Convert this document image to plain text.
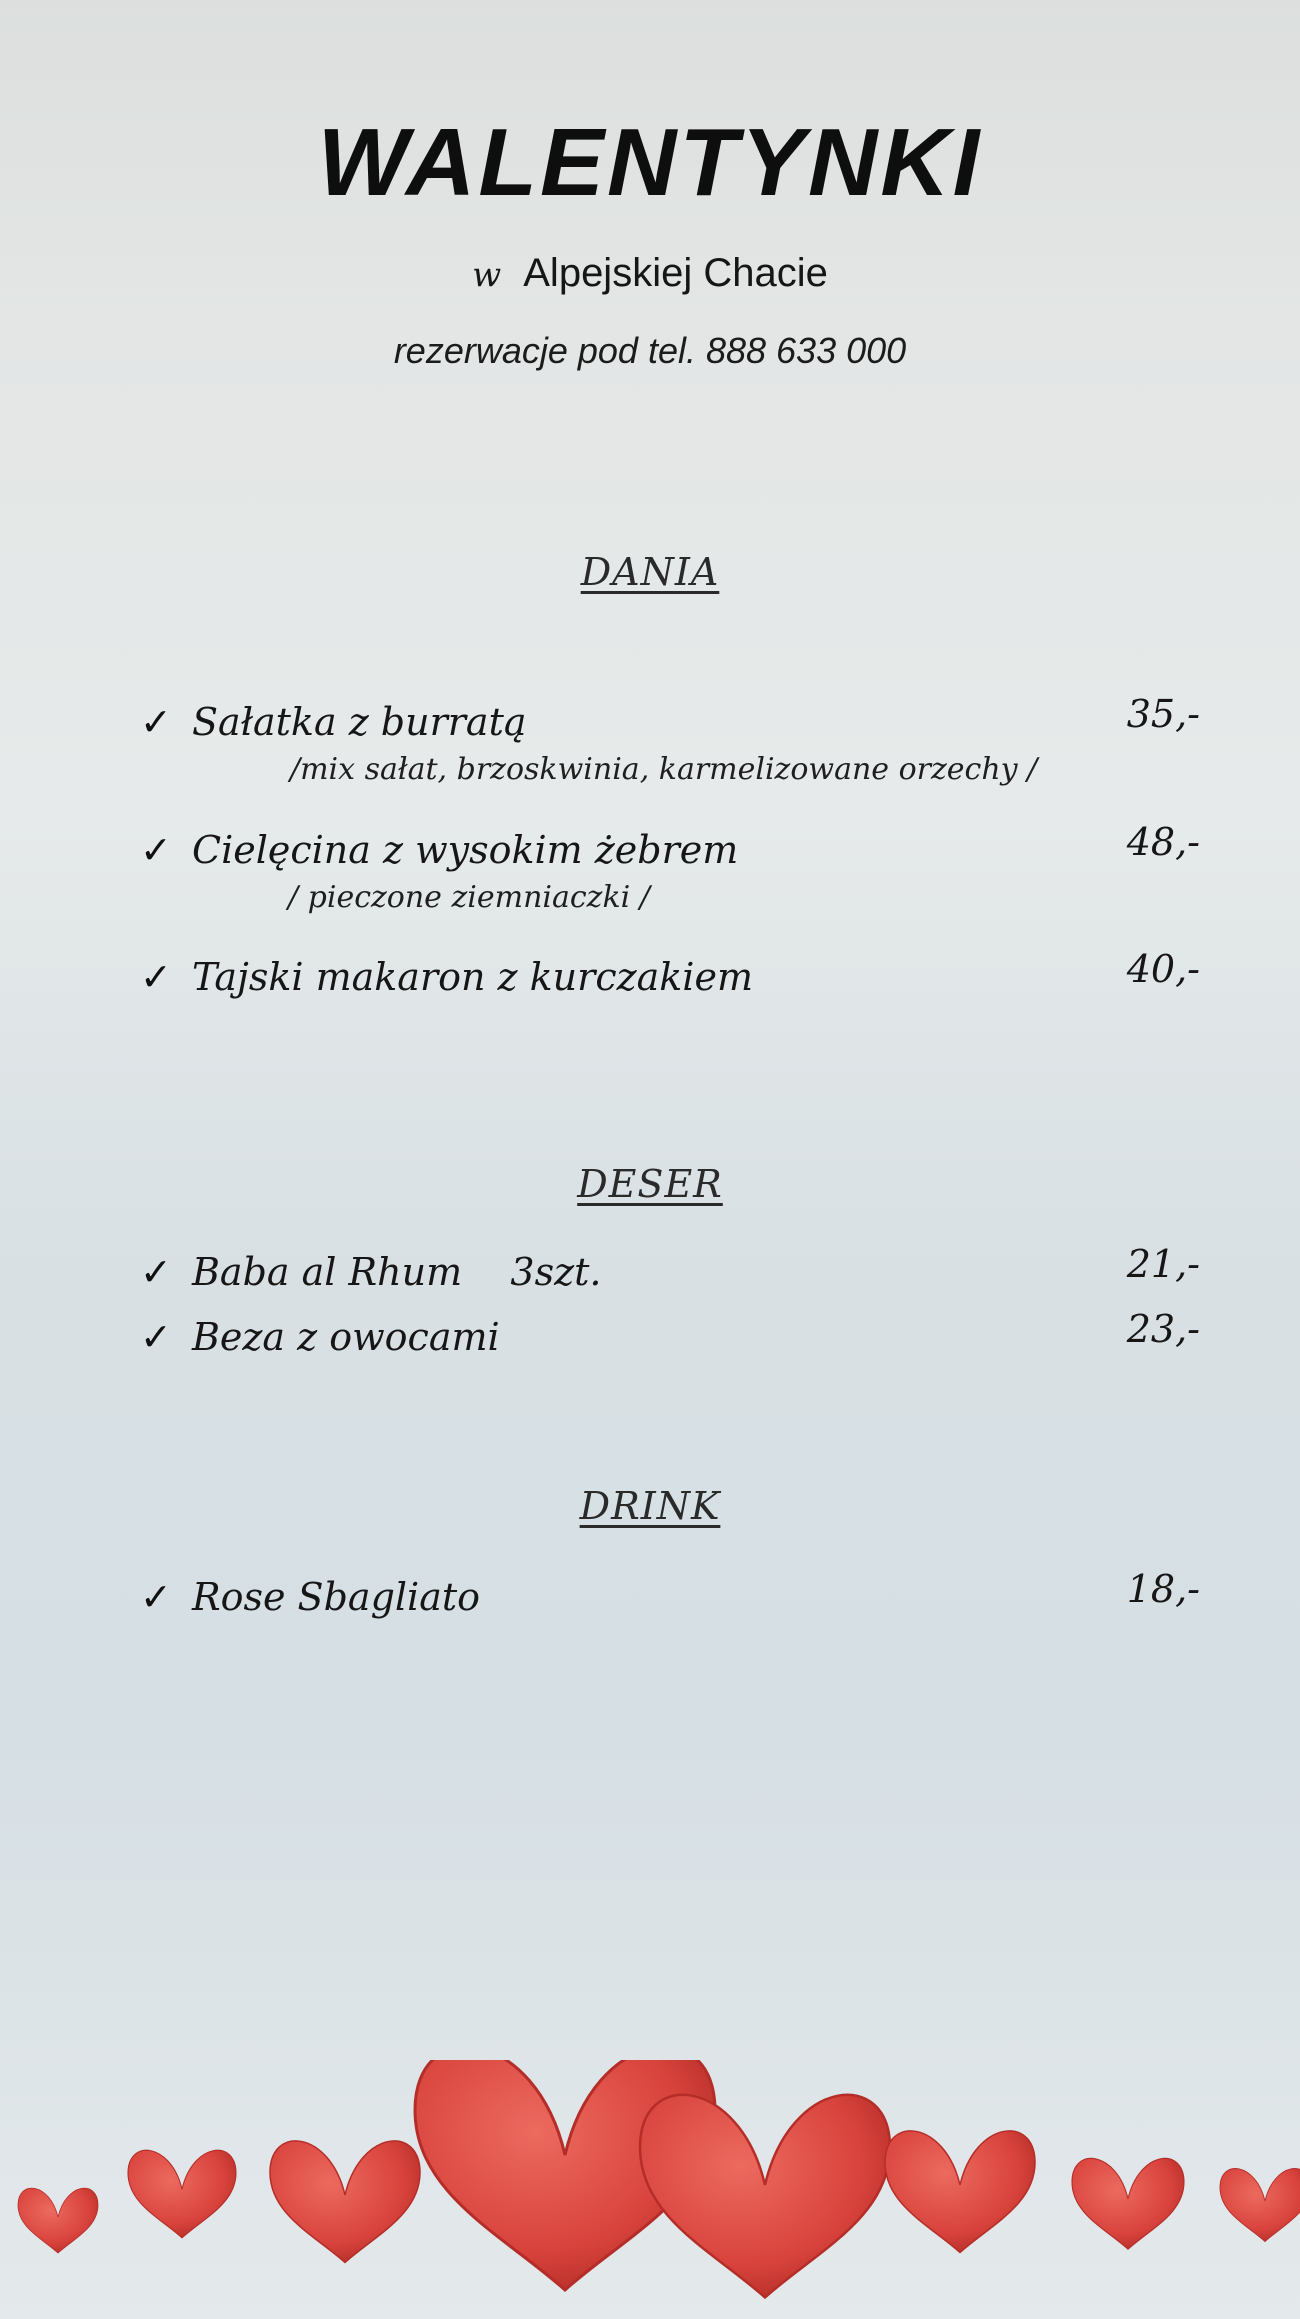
WALENTYNKI
w Alpejskiej Chacie
rezerwacje pod tel. 888 633 000
DANIA
✓ Sałatka z burratą	35,-
/mix sałat, brzoskwinia, karmelizowane orzechy /
✓ Cielęcina z wysokim żebrem	48,-
/ pieczone ziemniaczki /
✓ Tajski makaron z kurczakiem	40,-
DESER
✓ Baba al Rhum    3szt.	21,-
✓ Beza z owocami	23,-
DRINK
✓ Rose Sbagliato	18,-
